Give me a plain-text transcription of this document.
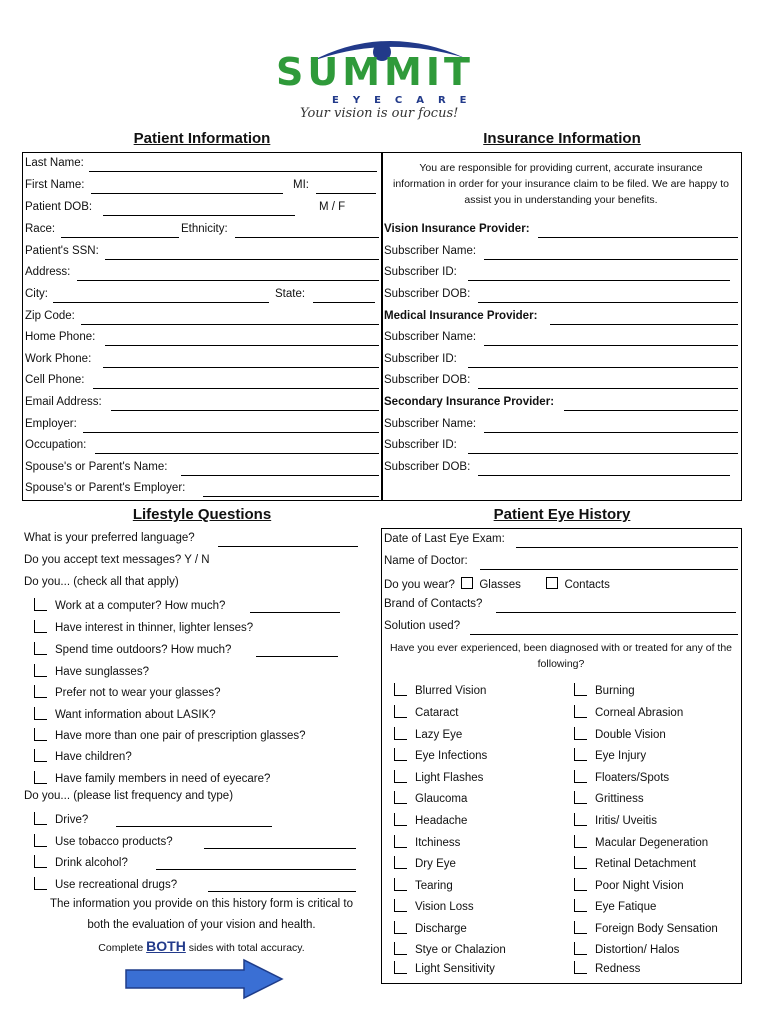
SUMMIT
EYECARE
Your vision is our focus!
Patient Information	Insurance Information
Last Name:
First Name:	MI:
Patient DOB:	M / F
Race:	Ethnicity:
Patient's SSN:
Address:
City:	State:
Zip Code:
Home Phone:
Work Phone:
Cell Phone:
Email Address:
Employer:
Occupation:
Spouse's or Parent's Name:
Spouse's or Parent's Employer:
You are responsible for providing current, accurate insurance information in order for your insurance claim to be filed. We are happy to assist you in understanding your benefits.
Vision Insurance Provider:
Subscriber Name:
Subscriber ID:
Subscriber DOB:
Medical Insurance Provider:
Subscriber Name:
Subscriber ID:
Subscriber DOB:
Secondary Insurance Provider:
Subscriber Name:
Subscriber ID:
Subscriber DOB:
Lifestyle Questions	Patient Eye History
What is your preferred language?
Do you accept text messages? Y / N
Do you... (check all that apply)
Work at a computer? How much?
Have interest in thinner, lighter lenses?
Spend time outdoors? How much?
Have sunglasses?
Prefer not to wear your glasses?
Want information about LASIK?
Have more than one pair of prescription glasses?
Have children?
Have family members in need of eyecare?
Do you... (please list frequency and type)
Drive?
Use tobacco products?
Drink alcohol?
Use recreational drugs?
The information you provide on this history form is critical to
both the evaluation of your vision and health.
Complete BOTH sides with total accuracy.
Date of Last Eye Exam:
Name of Doctor:
Do you wear? Glasses	Contacts
Brand of Contacts?
Solution used?
Have you ever experienced, been diagnosed with or treated for any of the following?
Blurred Vision
Cataract
Lazy Eye
Eye Infections
Light Flashes
Glaucoma
Headache
Itchiness
Dry Eye
Tearing
Vision Loss
Discharge
Stye or Chalazion
Light Sensitivity
Burning
Corneal Abrasion
Double Vision
Eye Injury
Floaters/Spots
Grittiness
Iritis/ Uveitis
Macular Degeneration
Retinal Detachment
Poor Night Vision
Eye Fatique
Foreign Body Sensation
Distortion/ Halos
Redness
